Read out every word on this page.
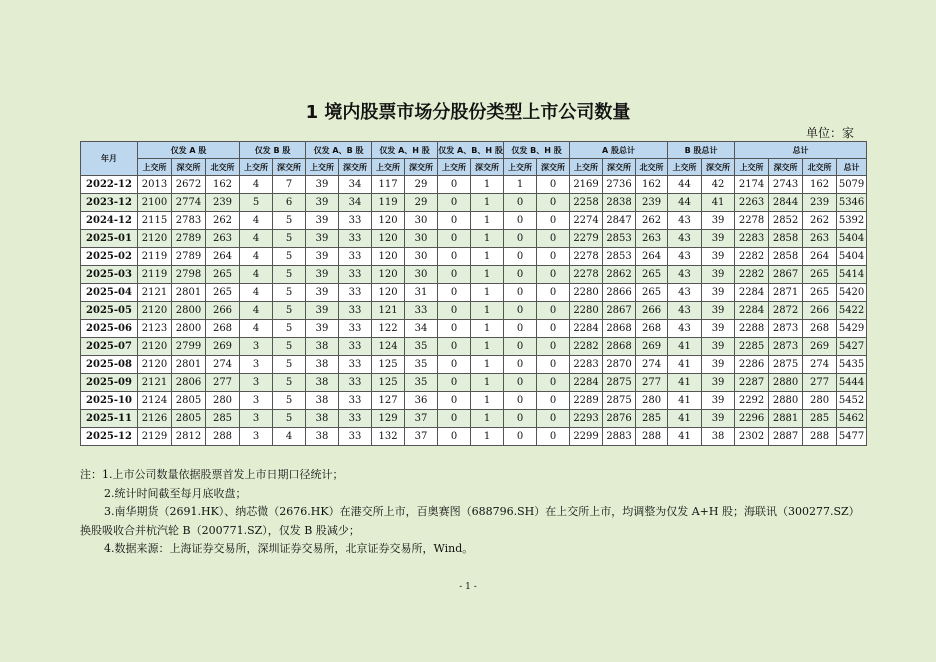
1 境内股票市场分股份类型上市公司数量
单位：家
年月	仅发 A 股			仅发 B 股		仅发 A、B 股		仅发 A、H 股		仅发 A、B、H 股		仅发 B、H 股		A 股总计			B 股总计		总计			
	上交所	深交所	北交所	上交所	深交所	上交所	深交所	上交所	深交所	上交所	深交所	上交所	深交所	上交所	深交所	北交所	上交所	深交所	上交所	深交所	北交所	总计
2022-12	2013	2672	162	4	7	39	34	117	29	0	1	1	0	2169	2736	162	44	42	2174	2743	162	5079
2023-12	2100	2774	239	5	6	39	34	119	29	0	1	0	0	2258	2838	239	44	41	2263	2844	239	5346
2024-12	2115	2783	262	4	5	39	33	120	30	0	1	0	0	2274	2847	262	43	39	2278	2852	262	5392
2025-01	2120	2789	263	4	5	39	33	120	30	0	1	0	0	2279	2853	263	43	39	2283	2858	263	5404
2025-02	2119	2789	264	4	5	39	33	120	30	0	1	0	0	2278	2853	264	43	39	2282	2858	264	5404
2025-03	2119	2798	265	4	5	39	33	120	30	0	1	0	0	2278	2862	265	43	39	2282	2867	265	5414
2025-04	2121	2801	265	4	5	39	33	120	31	0	1	0	0	2280	2866	265	43	39	2284	2871	265	5420
2025-05	2120	2800	266	4	5	39	33	121	33	0	1	0	0	2280	2867	266	43	39	2284	2872	266	5422
2025-06	2123	2800	268	4	5	39	33	122	34	0	1	0	0	2284	2868	268	43	39	2288	2873	268	5429
2025-07	2120	2799	269	3	5	38	33	124	35	0	1	0	0	2282	2868	269	41	39	2285	2873	269	5427
2025-08	2120	2801	274	3	5	38	33	125	35	0	1	0	0	2283	2870	274	41	39	2286	2875	274	5435
2025-09	2121	2806	277	3	5	38	33	125	35	0	1	0	0	2284	2875	277	41	39	2287	2880	277	5444
2025-10	2124	2805	280	3	5	38	33	127	36	0	1	0	0	2289	2875	280	41	39	2292	2880	280	5452
2025-11	2126	2805	285	3	5	38	33	129	37	0	1	0	0	2293	2876	285	41	39	2296	2881	285	5462
2025-12	2129	2812	288	3	4	38	33	132	37	0	1	0	0	2299	2883	288	41	38	2302	2887	288	5477

注：1.上市公司数量依据股票首发上市日期口径统计；

2.统计时间截至每月底收盘；

3.南华期货（2691.HK）、纳芯微（2676.HK）在港交所上市，百奥赛图（688796.SH）在上交所上市，均调整为仅发 A+H 股；海联讯（300277.SZ）

换股吸收合并杭汽轮 B（200771.SZ），仅发 B 股减少；

4.数据来源：上海证券交易所，深圳证券交易所，北京证券交易所，Wind。

- 1 -
